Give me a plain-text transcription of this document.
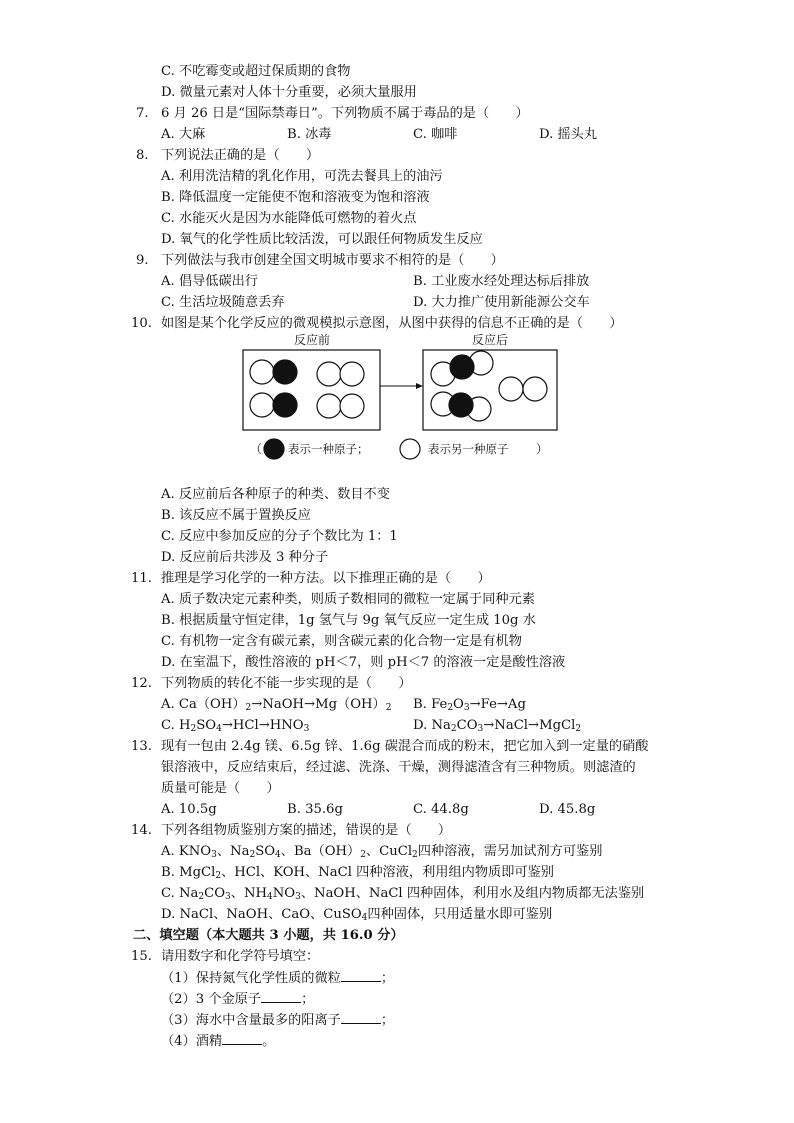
C. 不吃霉变或超过保质期的食物
D. 微量元素对人体十分重要，必须大量服用
7. 6 月 26 日是“国际禁毒日”。下列物质不属于毒品的是（　　）
A. 大麻	B. 冰毒	C. 咖啡	D. 摇头丸
8. 下列说法正确的是（　　）
A. 利用洗洁精的乳化作用，可洗去餐具上的油污
B. 降低温度一定能使不饱和溶液变为饱和溶液
C. 水能灭火是因为水能降低可燃物的着火点
D. 氧气的化学性质比较活泼，可以跟任何物质发生反应
9. 下列做法与我市创建全国文明城市要求不相符的是（　　）
A. 倡导低碳出行	B. 工业废水经处理达标后排放
C. 生活垃圾随意丢弃	D. 大力推广使用新能源公交车
10. 如图是某个化学反应的微观模拟示意图，从图中获得的信息不正确的是（　　）
反应前	反应后
（ 表示一种原子；	表示另一种原子 ）
A. 反应前后各种原子的种类、数目不变
B. 该反应不属于置换反应
C. 反应中参加反应的分子个数比为 1：1
D. 反应前后共涉及 3 种分子
11. 推理是学习化学的一种方法。以下推理正确的是（　　）
A. 质子数决定元素种类，则质子数相同的微粒一定属于同种元素
B. 根据质量守恒定律，1g 氢气与 9g 氧气反应一定生成 10g 水
C. 有机物一定含有碳元素，则含碳元素的化合物一定是有机物
D. 在室温下，酸性溶液的 pH＜7，则 pH＜7 的溶液一定是酸性溶液
12. 下列物质的转化不能一步实现的是（　　）
A. $Ca(OH)_2\to NaOH\to Mg(OH)_2$ B. $Fe_2O_3\to Fe\to Ag$
C. $H_2SO_4\to HCl\to HNO_3$	D. $Na_2CO_3\to NaCl\to MgCl_2$
13. 现有一包由 2.4g 镁、6.5g 锌、1.6g 碳混合而成的粉末，把它加入到一定量的硝酸
银溶液中，反应结束后，经过滤、洗涤、干燥，测得滤渣含有三种物质。则滤渣的
质量可能是（　　）
A. 10.5g	B. 35.6g	C. 44.8g	D. 45.8g
14. 下列各组物质鉴别方案的描述，错误的是（　　）
A. $KNO_3$、$Na_2SO_4$、$Ba(OH)_2$、CuCl$_2$四种溶液，需另加试剂方可鉴别
B. MgCl$_2$、HCl、KOH、NaCl 四种溶液，利用组内物质即可鉴别
C. $Na_2CO_3$、$NH_4NO_3$、NaOH、NaCl 四种固体，利用水及组内物质都无法鉴别
D. NaCl、NaOH、CaO、CuSO$_4$四种固体，只用适量水即可鉴别
二、填空题（本大题共 3 小题，共 16.0 分）
15. 请用数字和化学符号填空：
（1）保持氮气化学性质的微粒	；
（2）3 个金原子	；
（3）海水中含量最多的阳离子	；
（4）酒精	。
